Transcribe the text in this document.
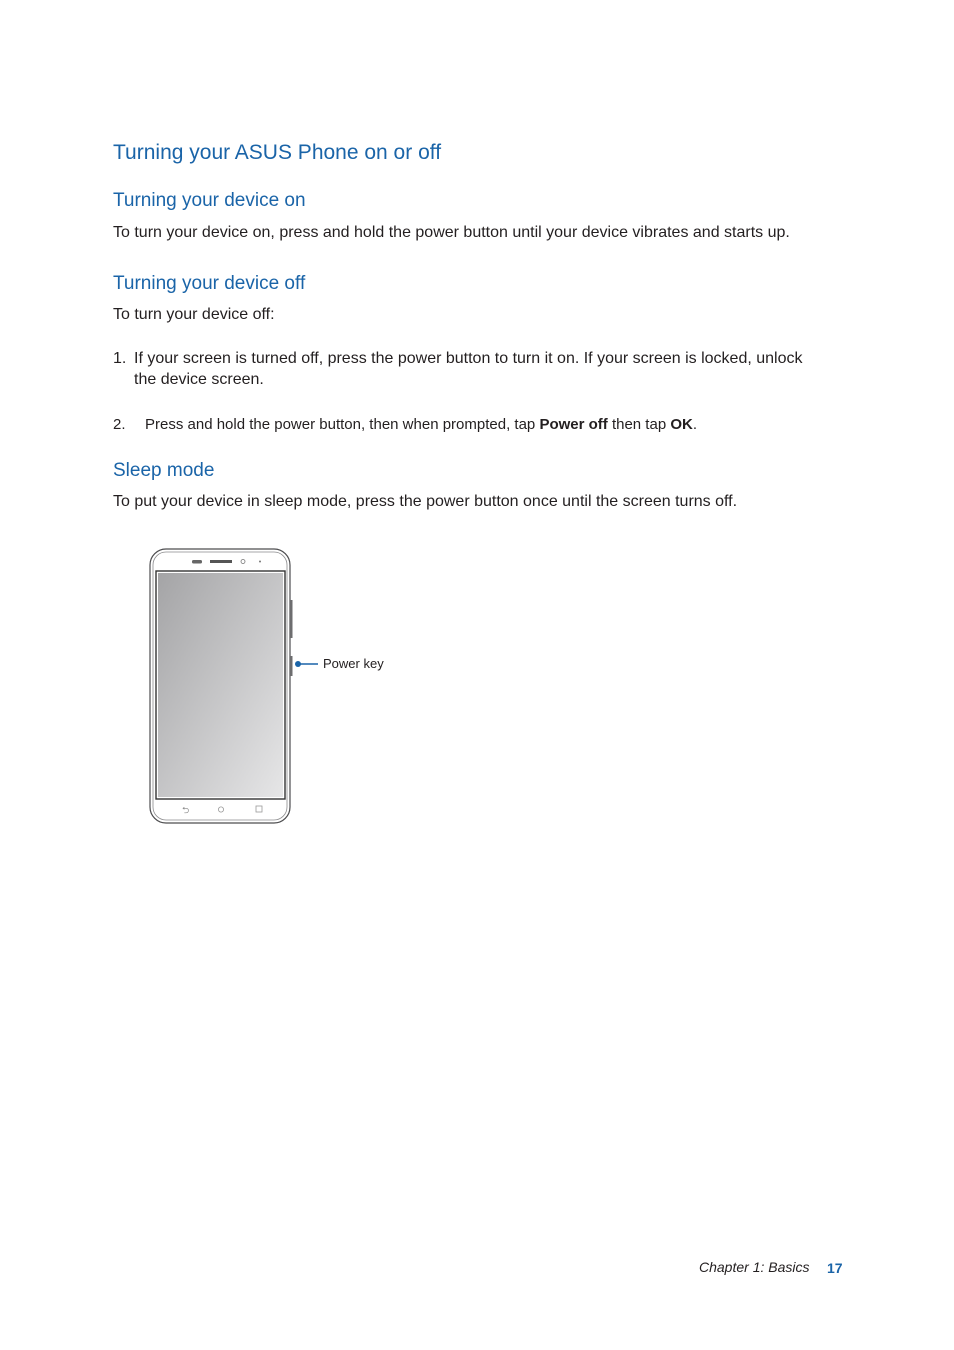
Turning your ASUS Phone on or off
Turning your device on
To turn your device on, press and hold the power button until your device vibrates and starts up.
Turning your device off
To turn your device off:
1. If your screen is turned off, press the power button to turn it on. If your screen is locked, unlock
the device screen.
2. Press and hold the power button, then when prompted, tap Power off then tap OK.
Sleep mode
To put your device in sleep mode, press the power button once until the screen turns off.
⮌
Power key
Chapter 1: Basics 17
